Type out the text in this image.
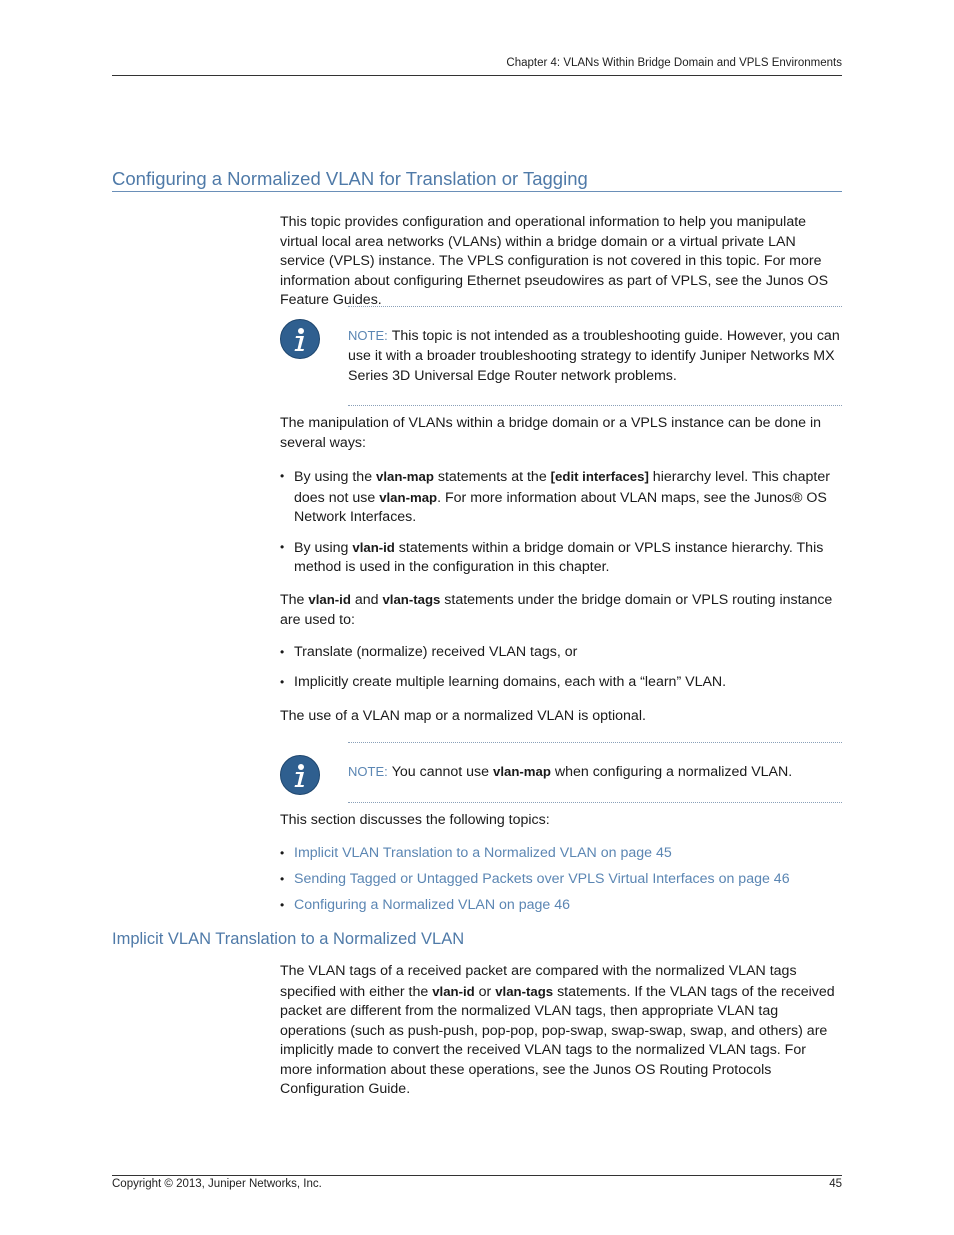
Chapter 4: VLANs Within Bridge Domain and VPLS Environments
Configuring a Normalized VLAN for Translation or Tagging

This topic provides configuration and operational information to help you manipulate virtual local area networks (VLANs) within a bridge domain or a virtual private LAN service (VPLS) instance. The VPLS configuration is not covered in this topic. For more information about configuring Ethernet pseudowires as part of VPLS, see the Junos OS Feature Guides.

NOTE: This topic is not intended as a troubleshooting guide. However, you can use it with a broader troubleshooting strategy to identify Juniper Networks MX Series 3D Universal Edge Router network problems.

The manipulation of VLANs within a bridge domain or a VPLS instance can be done in several ways:

• By using the vlan-map statements at the [edit interfaces] hierarchy level. This chapter does not use vlan-map. For more information about VLAN maps, see the Junos® OS Network Interfaces.
• By using vlan-id statements within a bridge domain or VPLS instance hierarchy. This method is used in the configuration in this chapter.

The vlan-id and vlan-tags statements under the bridge domain or VPLS routing instance are used to:

• Translate (normalize) received VLAN tags, or
• Implicitly create multiple learning domains, each with a “learn” VLAN.

The use of a VLAN map or a normalized VLAN is optional.

NOTE: You cannot use vlan-map when configuring a normalized VLAN.

This section discusses the following topics:

• Implicit VLAN Translation to a Normalized VLAN on page 45
• Sending Tagged or Untagged Packets over VPLS Virtual Interfaces on page 46
• Configuring a Normalized VLAN on page 46
Implicit VLAN Translation to a Normalized VLAN

The VLAN tags of a received packet are compared with the normalized VLAN tags specified with either the vlan-id or vlan-tags statements. If the VLAN tags of the received packet are different from the normalized VLAN tags, then appropriate VLAN tag operations (such as push-push, pop-pop, pop-swap, swap-swap, swap, and others) are implicitly made to convert the received VLAN tags to the normalized VLAN tags. For more information about these operations, see the Junos OS Routing Protocols Configuration Guide.

Copyright © 2013, Juniper Networks, Inc.	45
